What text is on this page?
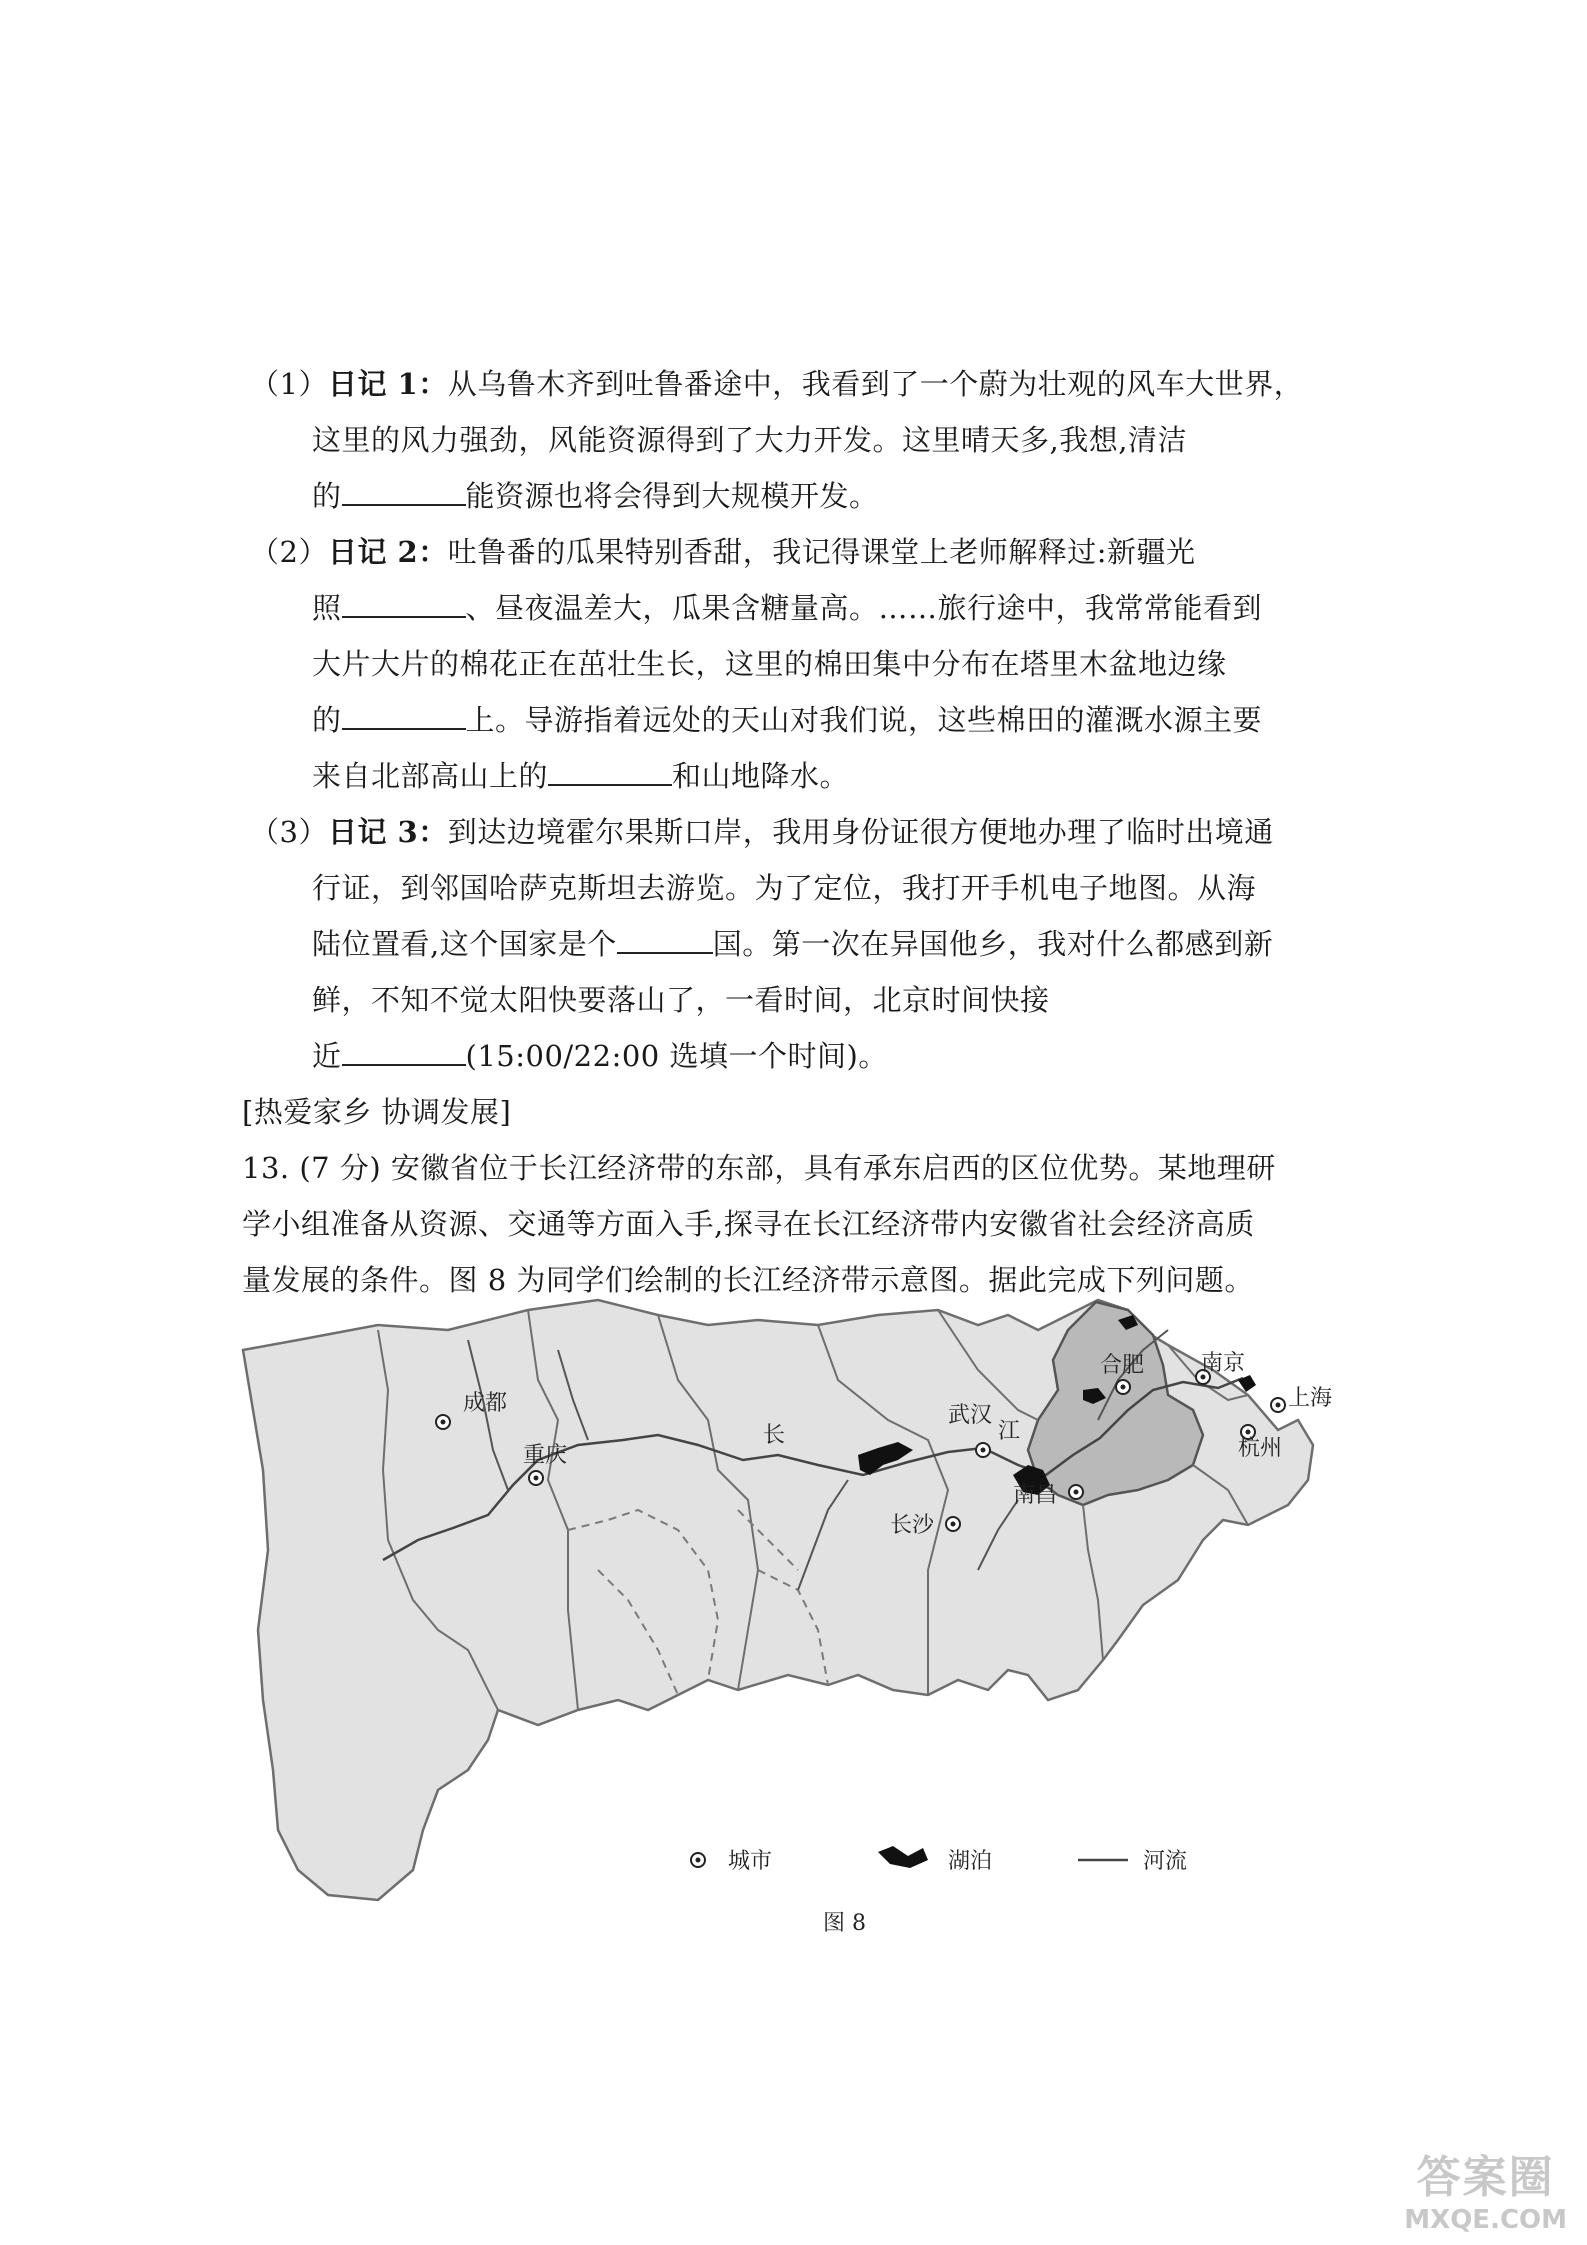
（1）日记 1：从乌鲁木齐到吐鲁番途中，我看到了一个蔚为壮观的风车大世界，
这里的风力强劲，风能资源得到了大力开发。这里晴天多,我想,清洁
的	能资源也将会得到大规模开发。
（2）日记 2：吐鲁番的瓜果特别香甜，我记得课堂上老师解释过:新疆光
照	、昼夜温差大，瓜果含糖量高。……旅行途中，我常常能看到
大片大片的棉花正在茁壮生长，这里的棉田集中分布在塔里木盆地边缘
的	上。导游指着远处的天山对我们说，这些棉田的灌溉水源主要
来自北部高山上的	和山地降水。
（3）日记 3：到达边境霍尔果斯口岸，我用身份证很方便地办理了临时出境通
行证，到邻国哈萨克斯坦去游览。为了定位，我打开手机电子地图。从海
陆位置看,这个国家是个	国。第一次在异国他乡，我对什么都感到新
鲜，不知不觉太阳快要落山了，一看时间，北京时间快接
近	(15:00/22:00 选填一个时间)。
[热爱家乡 协调发展]
13. (7 分) 安徽省位于长江经济带的东部，具有承东启西的区位优势。某地理研
学小组准备从资源、交通等方面入手,探寻在长江经济带内安徽省社会经济高质
量发展的条件。图 8 为同学们绘制的长江经济带示意图。据此完成下列问题。
成都
重庆
武汉
长沙
南昌
合肥	南京
上海
杭州
长	江
城市	湖泊	河流
图 8
答案圈
MXQE.COM
